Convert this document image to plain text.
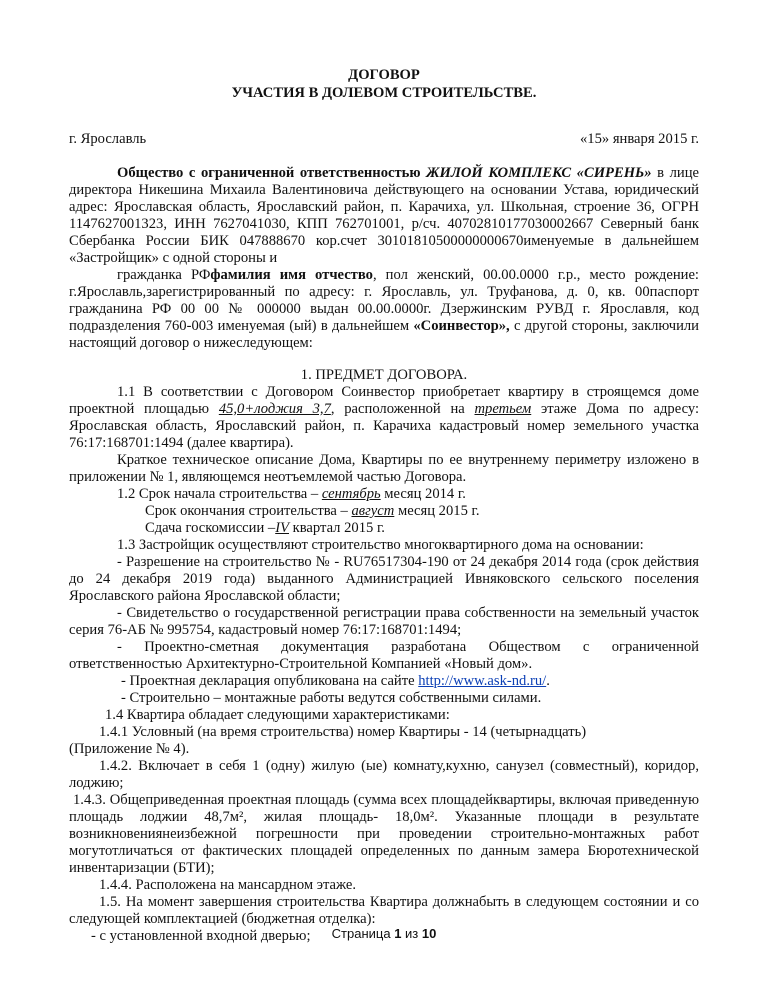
ДОГОВОР
УЧАСТИЯ В ДОЛЕВОМ СТРОИТЕЛЬСТВЕ.
г. Ярославль	«15» января 2015 г.

Общество с ограниченной ответственностью ЖИЛОЙ КОМПЛЕКС «СИРЕНЬ» в лице директора Никешина Михаила Валентиновича действующего на основании Устава, юридический адрес: Ярославская область, Ярославский район, п. Карачиха, ул. Школьная, строение 36, ОГРН 1147627001323, ИНН 7627041030, КПП 762701001, р/сч. 40702810177030002667 Северный банк Сбербанка России БИК 047888670 кор.счет 30101810500000000670именуемые в дальнейшем «Застройщик» с одной стороны и

гражданка РФфамилия имя отчество, пол женский, 00.00.0000 г.р., место рождение: г.Ярославль,зарегистрированный по адресу: г. Ярославль, ул. Труфанова, д. 0, кв. 00паспорт гражданина РФ 00 00 № 000000 выдан 00.00.0000г. Дзержинским РУВД г. Ярославля, код подразделения 760-003 именуемая (ый) в дальнейшем «Соинвестор», с другой стороны, заключили настоящий договор о нижеследующем:

1. ПРЕДМЕТ ДОГОВОРА.

1.1 В соответствии с Договором Соинвестор приобретает квартиру в строящемся доме проектной площадью 45,0+лоджия 3,7, расположенной на третьем этаже Дома по адресу: Ярославская область, Ярославский район, п. Карачиха кадастровый номер земельного участка 76:17:168701:1494 (далее квартира).

Краткое техническое описание Дома, Квартиры по ее внутреннему периметру изложено в приложении № 1, являющемся неотъемлемой частью Договора.

1.2 Срок начала строительства – сентябрь месяц 2014 г.

Срок окончания строительства – август месяц 2015 г.

Сдача госкомиссии –IV квартал 2015 г.

1.3 Застройщик осуществляют строительство многоквартирного дома на основании:

- Разрешение на строительство № - RU76517304-190 от 24 декабря 2014 года (срок действия до 24 декабря 2019 года) выданного Администрацией Ивняковского сельского поселения Ярославского района Ярославской области;

- Свидетельство о государственной регистрации права собственности на земельный участок серия 76-АБ № 995754, кадастровый номер 76:17:168701:1494;

- Проектно-сметная документация разработана Обществом с ограниченной ответственностью Архитектурно-Строительной Компанией «Новый дом».

- Проектная декларация опубликована на сайте http://www.ask-nd.ru/.

- Строительно – монтажные работы ведутся собственными силами.

1.4 Квартира обладает следующими характеристиками:

1.4.1 Условный (на время строительства) номер Квартиры - 14 (четырнадцать)

(Приложение № 4).

1.4.2. Включает в себя 1 (одну) жилую (ые) комнату,кухню, санузел (совместный), коридор, лоджию;

1.4.3. Общеприведенная проектная площадь (сумма всех площадейквартиры, включая приведенную площадь лоджии 48,7м², жилая площадь- 18,0м². Указанные площади в результате возникновениянеизбежной погрешности при проведении строительно-монтажных работ могутотличаться от фактических площадей определенных по данным замера Бюротехнической инвентаризации (БТИ);

1.4.4. Расположена на мансардном этаже.

1.5. На момент завершения строительства Квартира должнабыть в следующем состоянии и со следующей комплектацией (бюджетная отделка):

- с установленной входной дверью;	Страница 1 из 10
